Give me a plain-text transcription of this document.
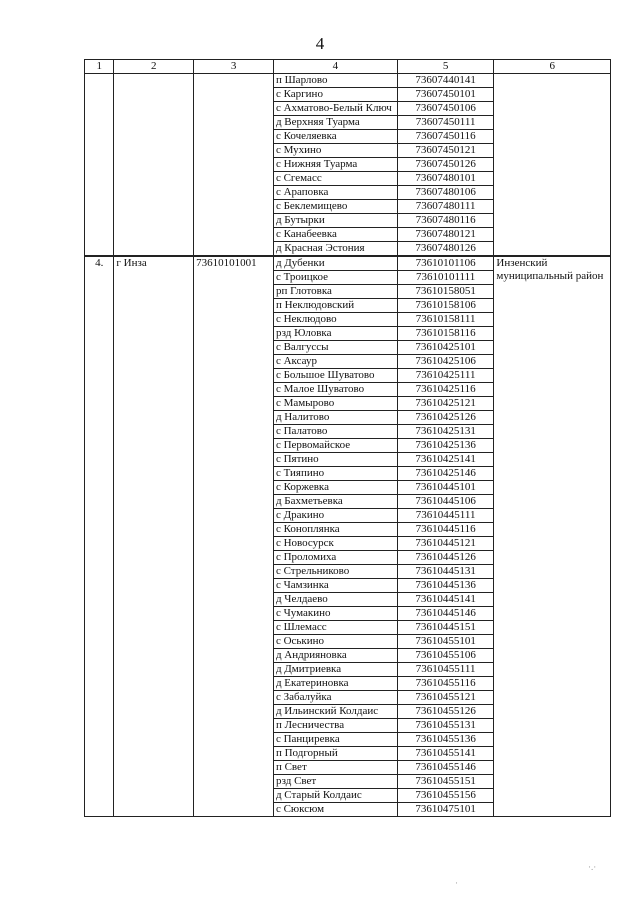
4
1	2	3	4	5	6
			п Шарлово	73607440141	
			с Каргино	73607450101	
			с Ахматово-Белый Ключ	73607450106	
			д Верхняя Туарма	73607450111	
			с Кочеляевка	73607450116	
			с Мухино	73607450121	
			с Нижняя Туарма	73607450126	
			с Сгемасс	73607480101	
			с Араповка	73607480106	
			с Беклемищево	73607480111	
			д Бутырки	73607480116	
			с Канабеевка	73607480121	
			д Красная Эстония	73607480126	
4.	г Инза	73610101001	д Дубенки	73610101106	Инзенский муниципальный район
			с Троицкое	73610101111	
			рп Глотовка	73610158051	
			п Неклюдовский	73610158106	
			с Неклюдово	73610158111	
			рзд Юловка	73610158116	
			с Валгуссы	73610425101	
			с Аксаур	73610425106	
			с Большое Шуватово	73610425111	
			с Малое Шуватово	73610425116	
			с Мамырово	73610425121	
			д Налитово	73610425126	
			с Палатово	73610425131	
			с Первомайское	73610425136	
			с Пятино	73610425141	
			с Тияпино	73610425146	
			с Коржевка	73610445101	
			д Бахметьевка	73610445106	
			с Дракино	73610445111	
			с Коноплянка	73610445116	
			с Новосурск	73610445121	
			с Проломиха	73610445126	
			с Стрельниково	73610445131	
			с Чамзинка	73610445136	
			д Челдаево	73610445141	
			с Чумакино	73610445146	
			с Шлемасс	73610445151	
			с Оськино	73610455101	
			д Андрияновка	73610455106	
			д Дмитриевка	73610455111	
			д Екатериновка	73610455116	
			с Забалуйка	73610455121	
			д Ильинский Колдаис	73610455126	
			п Лесничества	73610455131	
			с Панциревка	73610455136	
			п Подгорный	73610455141	
			п Свет	73610455146	
			рзд Свет	73610455151	
			д Старый Колдаис	73610455156	
			с Сюксюм	73610475101	
·.·
·
